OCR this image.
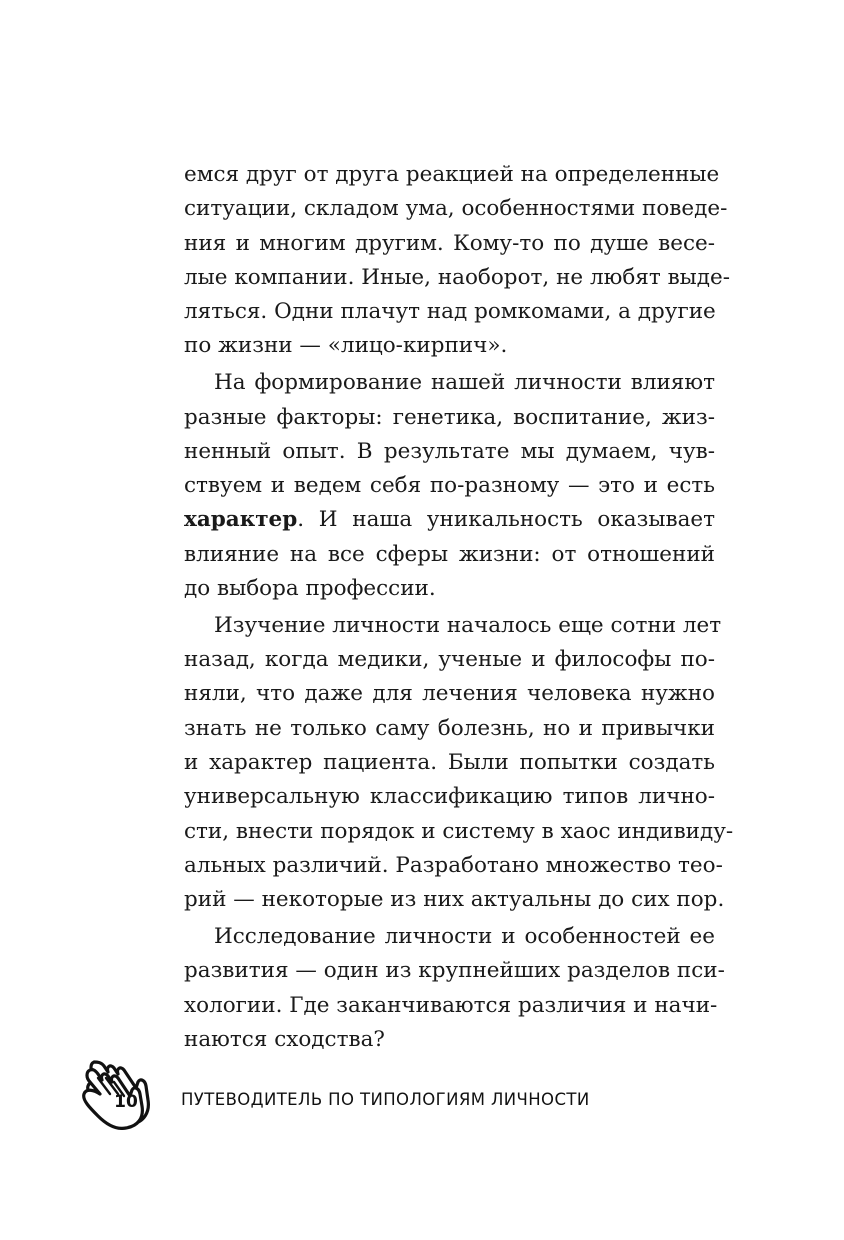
емся друг от друга реакцией на определенные
ситуации, складом ума, особенностями поведе-
ния и многим другим. Кому-то по душе весе-
лые компании. Иные, наоборот, не любят выде-
ляться. Одни плачут над ромкомами, а другие
по жизни — «лицо-кирпич».
На формирование нашей личности влияют
разные факторы: генетика, воспитание, жиз-
ненный опыт. В результате мы думаем, чув-
ствуем и ведем себя по-разному — это и есть
характер. И наша уникальность оказывает
влияние на все сферы жизни: от отношений
до выбора профессии.
Изучение личности началось еще сотни лет
назад, когда медики, ученые и философы по-
няли, что даже для лечения человека нужно
знать не только саму болезнь, но и привычки
и характер пациента. Были попытки создать
универсальную классификацию типов лично-
сти, внести порядок и систему в хаос индивиду-
альных различий. Разработано множество тео-
рий — некоторые из них актуальны до сих пор.
Исследование личности и особенностей ее
развития — один из крупнейших разделов пси-
хологии. Где заканчиваются различия и начи-
наются сходства?
10	ПУТЕВОДИТЕЛЬ ПО ТИПОЛОГИЯМ ЛИЧНОСТИ
